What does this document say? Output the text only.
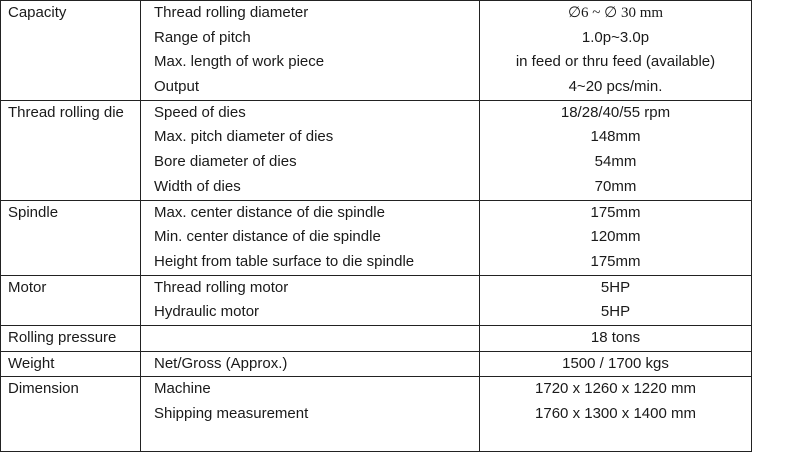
Capacity	Thread rolling diameter	∅6 ~ ∅ 30 mm

	Range of pitch	1.0p~3.0p

	Max. length of work piece	in feed or thru feed (available)

	Output	4~20 pcs/min.

Thread rolling die	Speed of dies	18/28/40/55 rpm

	Max. pitch diameter of dies	148mm

	Bore diameter of dies	54mm

	Width of dies	70mm

Spindle	Max. center distance of die spindle	175mm

	Min. center distance of die spindle	120mm

	Height from table surface to die spindle	175mm

Motor	Thread rolling motor	5HP

	Hydraulic motor	5HP

Rolling pressure		18 tons

Weight	Net/Gross (Approx.)	1500 / 1700 kgs

Dimension	Machine	1720 x 1260 x 1220 mm

	Shipping measurement	1760 x 1300 x 1400 mm
